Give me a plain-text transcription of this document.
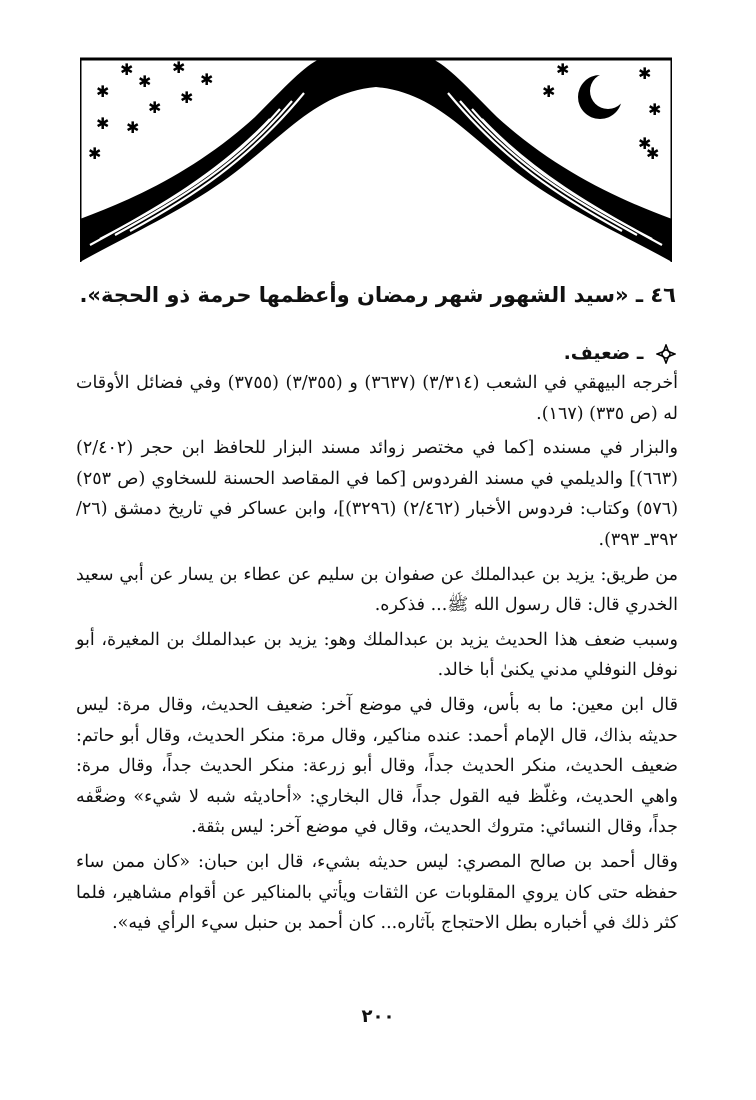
✱ ✱
✱
✱
✱
✱
✱ ✱
✱
✱
✱	✱
✱
✱
✱
✱
٤٦ ـ «سيد الشهور شهر رمضان وأعظمها حرمة ذو الحجة».
ـ ضعيف.

أخرجه البيهقي في الشعب (٣/٣١٤) (٣٦٣٧) و (٣/٣٥٥) (٣٧٥٥) وفي فضائل الأوقات له (ص ٣٣٥) (١٦٧).

والبزار في مسنده [كما في مختصر زوائد مسند البزار للحافظ ابن حجر (٢/٤٠٢) (٦٦٣)] والديلمي في مسند الفردوس [كما في المقاصد الحسنة للسخاوي (ص ٢٥٣) (٥٧٦) وكتاب: فردوس الأخبار (٢/٤٦٢) (٣٢٩٦)]، وابن عساكر في تاريخ دمشق (٢٦/ ٣٩٢ـ ٣٩٣).

من طريق: يزيد بن عبدالملك عن صفوان بن سليم عن عطاء بن يسار عن أبي سعيد الخدري قال: قال رسول الله ﷺ... فذكره.

وسبب ضعف هذا الحديث يزيد بن عبدالملك وهو: يزيد بن عبدالملك بن المغيرة، أبو نوفل النوفلي مدني يكنىٰ أبا خالد.

قال ابن معين: ما به بأس، وقال في موضع آخر: ضعيف الحديث، وقال مرة: ليس حديثه بذاك، قال الإمام أحمد: عنده مناكير، وقال مرة: منكر الحديث، وقال أبو حاتم: ضعيف الحديث، منكر الحديث جداً، وقال أبو زرعة: منكر الحديث جداً، وقال مرة: واهي الحديث، وغلّظ فيه القول جداً، قال البخاري: «أحاديثه شبه لا شيء» وضعَّفه جداً، وقال النسائي: متروك الحديث، وقال في موضع آخر: ليس بثقة.

وقال أحمد بن صالح المصري: ليس حديثه بشيء، قال ابن حبان: «كان ممن ساء حفظه حتى كان يروي المقلوبات عن الثقات ويأتي بالمناكير عن أقوام مشاهير، فلما كثر ذلك في أخباره بطل الاحتجاج بآثاره... كان أحمد بن حنبل سيء الرأي فيه».

٢٠٠
